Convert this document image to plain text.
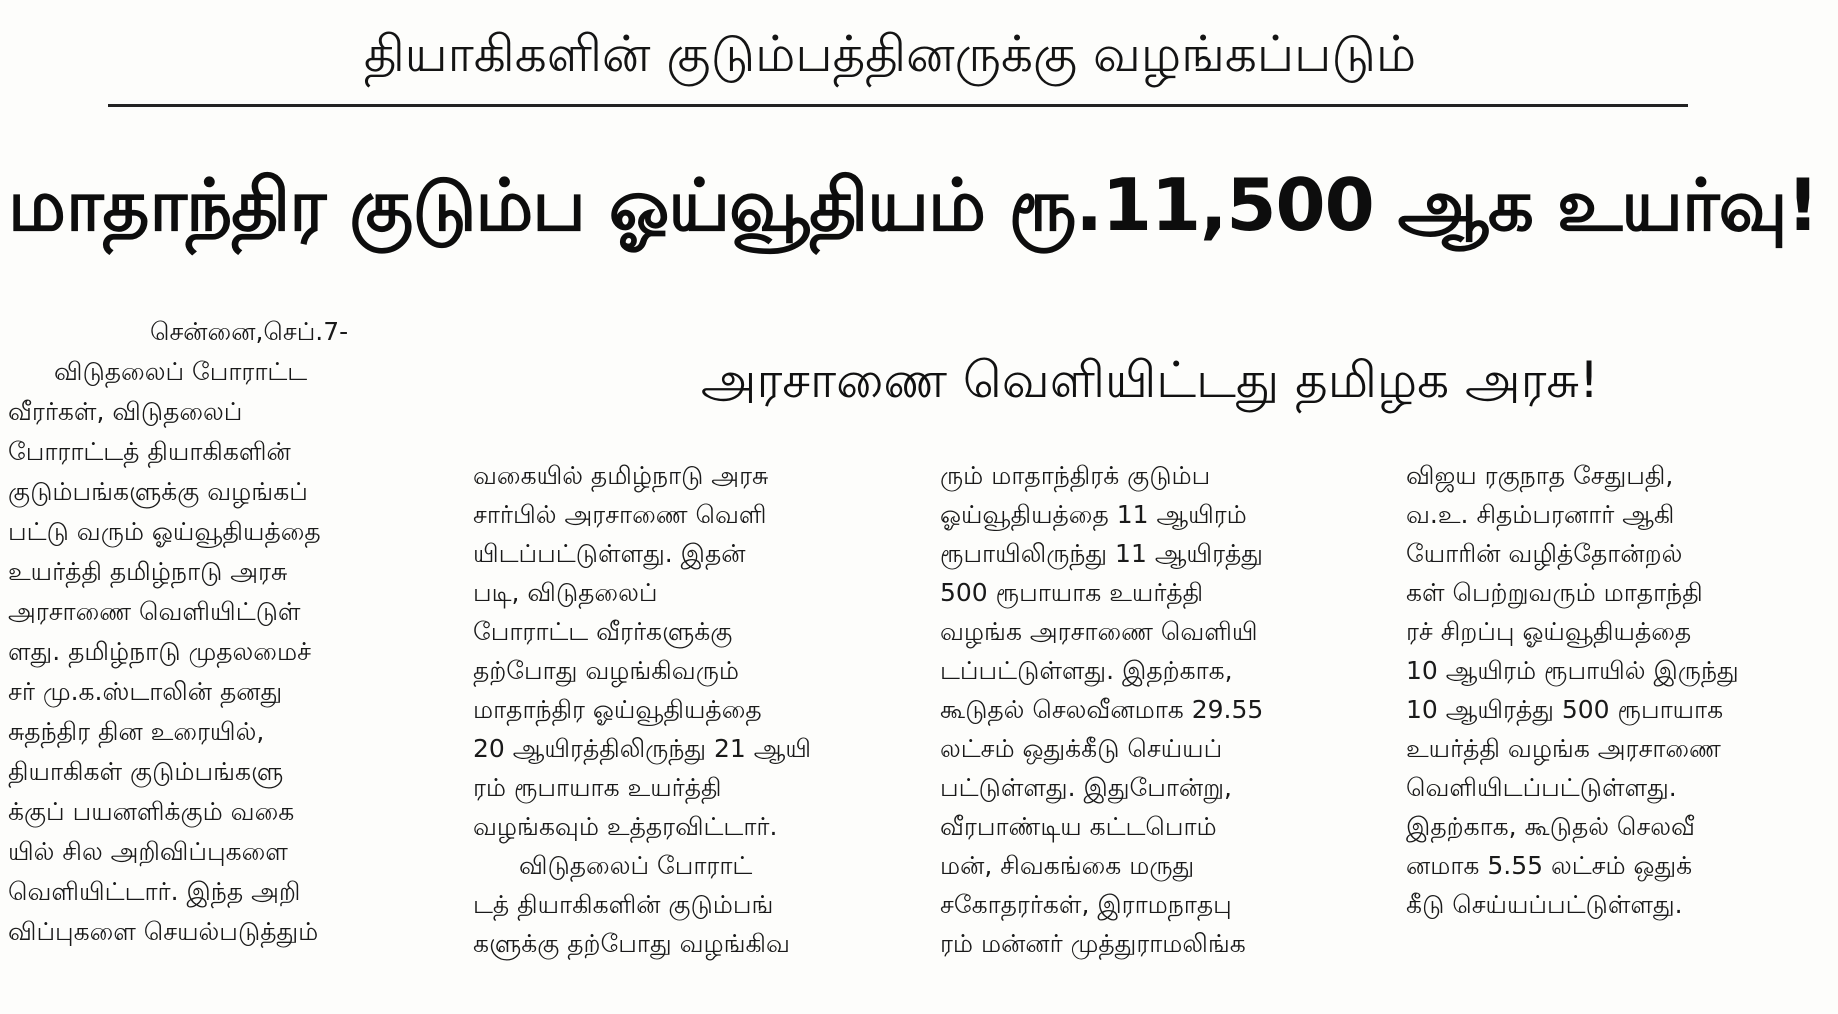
தியாகிகளின் குடும்பத்தினருக்கு வழங்கப்படும்
மாதாந்திர குடும்ப ஓய்வூதியம் ரூ.11,500 ஆக உயர்வு!
சென்னை,செப்.7-
அரசாணை வெளியிட்டது தமிழக அரசு!
விடுதலைப் போராட்ட
வீரர்கள், விடுதலைப்
போராட்டத் தியாகிகளின்
குடும்பங்களுக்கு வழங்கப்
பட்டு வரும் ஓய்வூதியத்தை
உயர்த்தி தமிழ்நாடு அரசு
அரசாணை வெளியிட்டுள்
ளது. தமிழ்நாடு முதலமைச்
சர் மு.க.ஸ்டாலின் தனது
சுதந்திர தின உரையில்,
தியாகிகள் குடும்பங்களு
க்குப் பயனளிக்கும் வகை
யில் சில அறிவிப்புகளை
வெளியிட்டார். இந்த அறி
விப்புகளை செயல்படுத்தும்
வகையில் தமிழ்நாடு அரசு
சார்பில் அரசாணை வெளி
யிடப்பட்டுள்ளது. இதன்
படி, விடுதலைப்
போராட்ட வீரர்களுக்கு
தற்போது வழங்கிவரும்
மாதாந்திர ஓய்வூதியத்தை
20 ஆயிரத்திலிருந்து 21 ஆயி
ரம் ரூபாயாக உயர்த்தி
வழங்கவும் உத்தரவிட்டார்.
விடுதலைப் போராட்
டத் தியாகிகளின் குடும்பங்
களுக்கு தற்போது வழங்கிவ
ரும் மாதாந்திரக் குடும்ப
ஓய்வூதியத்தை 11 ஆயிரம்
ரூபாயிலிருந்து 11 ஆயிரத்து
500 ரூபாயாக உயர்த்தி
வழங்க அரசாணை வெளியி
டப்பட்டுள்ளது. இதற்காக,
கூடுதல் செலவீனமாக 29.55
லட்சம் ஒதுக்கீடு செய்யப்
பட்டுள்ளது. இதுபோன்று,
வீரபாண்டிய கட்டபொம்
மன், சிவகங்கை மருது
சகோதரர்கள், இராமநாதபு
ரம் மன்னர் முத்துராமலிங்க
விஜய ரகுநாத சேதுபதி,
வ.உ. சிதம்பரனார் ஆகி
யோரின் வழித்தோன்றல்
கள் பெற்றுவரும் மாதாந்தி
ரச் சிறப்பு ஓய்வூதியத்தை
10 ஆயிரம் ரூபாயில் இருந்து
10 ஆயிரத்து 500 ரூபாயாக
உயர்த்தி வழங்க அரசாணை
வெளியிடப்பட்டுள்ளது.
இதற்காக, கூடுதல் செலவீ
னமாக 5.55 லட்சம் ஒதுக்
கீடு செய்யப்பட்டுள்ளது.
